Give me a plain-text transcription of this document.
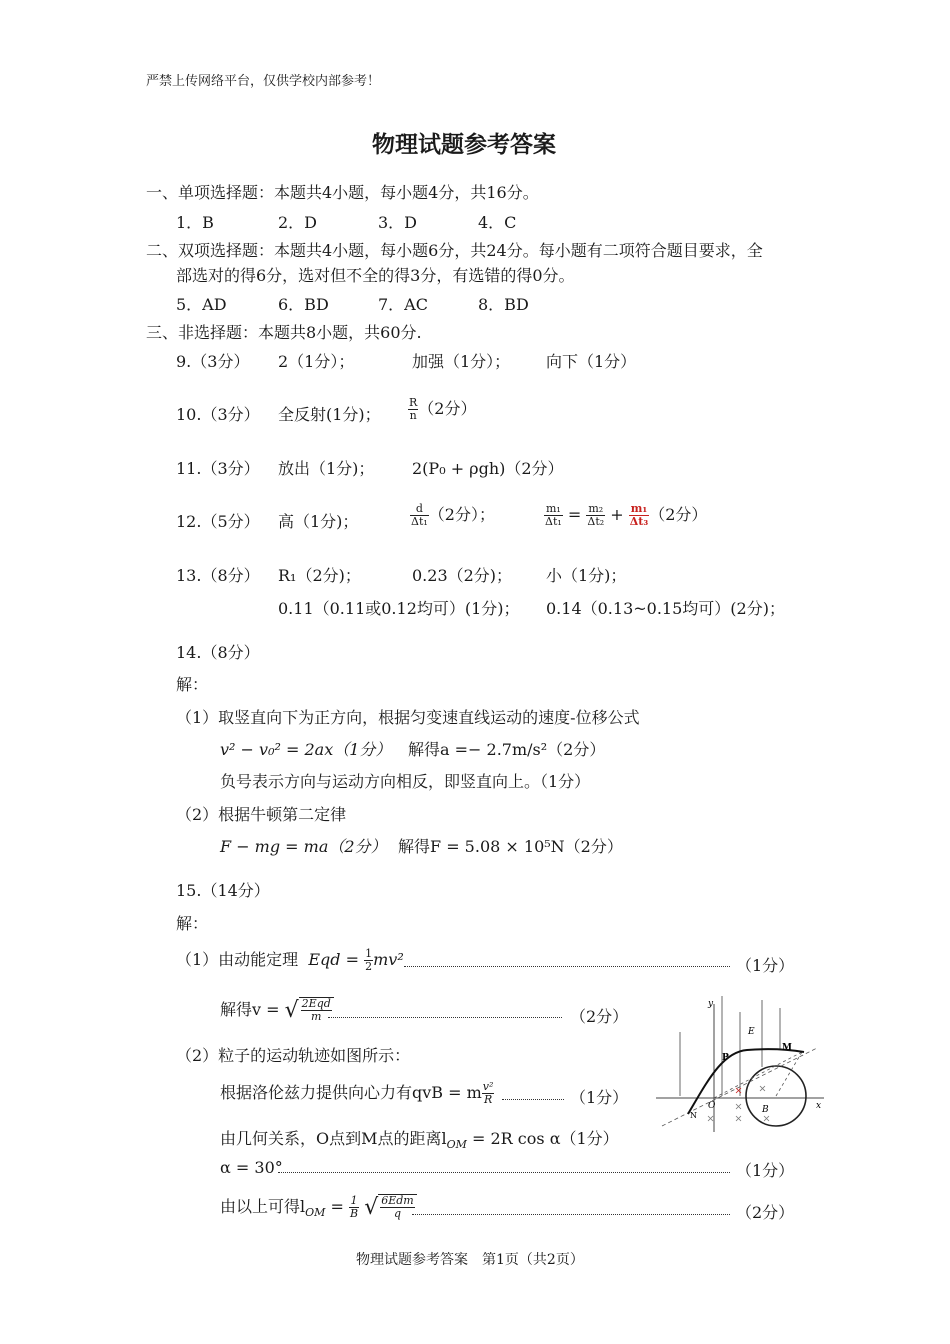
严禁上传网络平台，仅供学校内部参考！
物理试题参考答案
一、单项选择题：本题共4小题，每小题4分，共16分。
1．B	2．D	3．D	4．C
二、双项选择题：本题共4小题，每小题6分，共24分。每小题有二项符合题目要求，全
部选对的得6分，选对但不全的得3分，有选错的得0分。
5．AD	6．BD	7．AC	8．BD
三、非选择题：本题共8小题，共60分.
9.（3分） 2（1分）；	加强（1分）； 向下（1分）
10.（3分） 全反射(1分)； $\frac{R}{n} (2$分）
11.（3分） 放出（1分)； 2(P₀ + ρgh)（2分）
12.（5分） 高（1分)；	$\frac{d}{\text{Δt₁}} (2$分）；	$\frac{\text{m₁}}{\text{Δt₁}} = \frac{\text{m₂}}{\text{Δt₂}} + \frac{\text{m₁}}{\text{Δt₃}} (2$分）
13.（8分） R₁（2分)；	0.23（2分)； 小（1分)；
0.11（0.11或0.12均可）(1分)； 0.14（0.13~0.15均可）(2分)；
14.（8分）
解：
（1）取竖直向下为正方向，根据匀变速直线运动的速度-位移公式
v² − v₀² = 2ax（1分） 解得a =− 2.7m/s²（2分）
负号表示方向与运动方向相反，即竖直向上。（1分）
（2）根据牛顿第二定律
F − mg = ma（2分） 解得F = 5.08 × 10⁵N（2分）
15.（14分）
解：
（1）由动能定理 Eqd = $\frac{1}{2} mv^2$	（1分）
解得v = √ $\frac{\text{2Eqd}}{m}$	（2分）
（2）粒子的运动轨迹如图所示：
根据洛伦兹力提供向心力有qvB = m $\frac{\text{v²}}{R}$	（1分）
由几何关系，O点到M点的距离$l_{OM} = 2R$ cos α（1分）
α = 30°	（1分）
由以上可得$l_{OM} = \frac{1}{B}$ √ $\frac{\text{6Edm}}{q}$	（2分）
y
x
E
P
M
O	B
N
物理试题参考答案　第1页（共2页）
